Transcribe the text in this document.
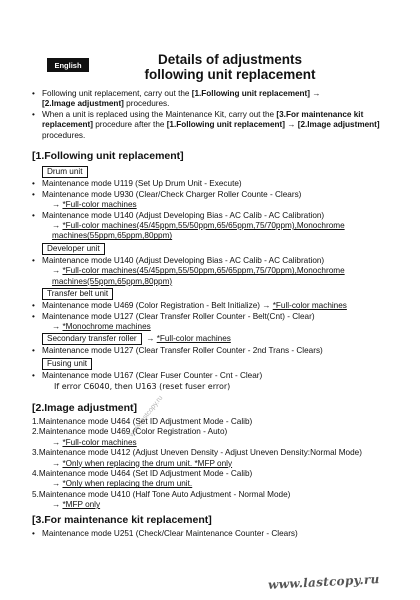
English	Details of adjustments
following unit replacement
• Following unit replacement, carry out the [1.Following unit replacement] →
[2.Image adjustment] procedures.
• When a unit is replaced using the Maintenance Kit, carry out the [3.For maintenance kit replacement] procedure after the [1.Following unit replacement] → [2.Image adjustment] procedures.
[1.Following unit replacement]
Drum unit
• Maintenance mode U119 (Set Up Drum Unit - Execute)
• Maintenance mode U930 (Clear/Check Charger Roller Counte - Clears)
→ *Full-color machines
• Maintenance mode U140 (Adjust Developing Bias - AC Calib - AC Calibration)
→ *Full-color machines(45/45ppm,55/50ppm,65/65ppm,75/70ppm),Monochrome machines(55ppm,65ppm,80ppm)
Developer unit
• Maintenance mode U140 (Adjust Developing Bias - AC Calib - AC Calibration)
→ *Full-color machines(45/45ppm,55/50ppm,65/65ppm,75/70ppm),Monochrome machines(55ppm,65ppm,80ppm)
Transfer belt unit
• Maintenance mode U469 (Color Registration - Belt Initialize) → *Full-color machines
• Maintenance mode U127 (Clear Transfer Roller Counter - Belt(Cnt) - Clear)
→ *Monochrome machines
Secondary transfer roller → *Full-color machines
• Maintenance mode U127 (Clear Transfer Roller Counter - 2nd Trans - Clears)
Fusing unit
• Maintenance mode U167 (Clear Fuser Counter - Cnt - Clear)
If error C6040, then U163 (reset fuser error)
[2.Image adjustment]
1.Maintenance mode U464 (Set ID Adjustment Mode - Calib)
2.Maintenance mode U469 (Color Registration - Auto)
→ *Full-color machines
3.Maintenance mode U412 (Adjust Uneven Density - Adjust Uneven Density:Normal Mode)
→ *Only when replacing the drum unit. *MFP only
4.Maintenance mode U464 (Set ID Adjustment Mode - Calib)
→ *Only when replacing the drum unit.
5.Maintenance mode U410 (Half Tone Auto Adjustment - Normal Mode)
→ *MFP only
[3.For maintenance kit replacement]
• Maintenance mode U251 (Check/Clear Maintenance Counter - Clears)
www.lastcopy.ru
www.lastcopy.ru
